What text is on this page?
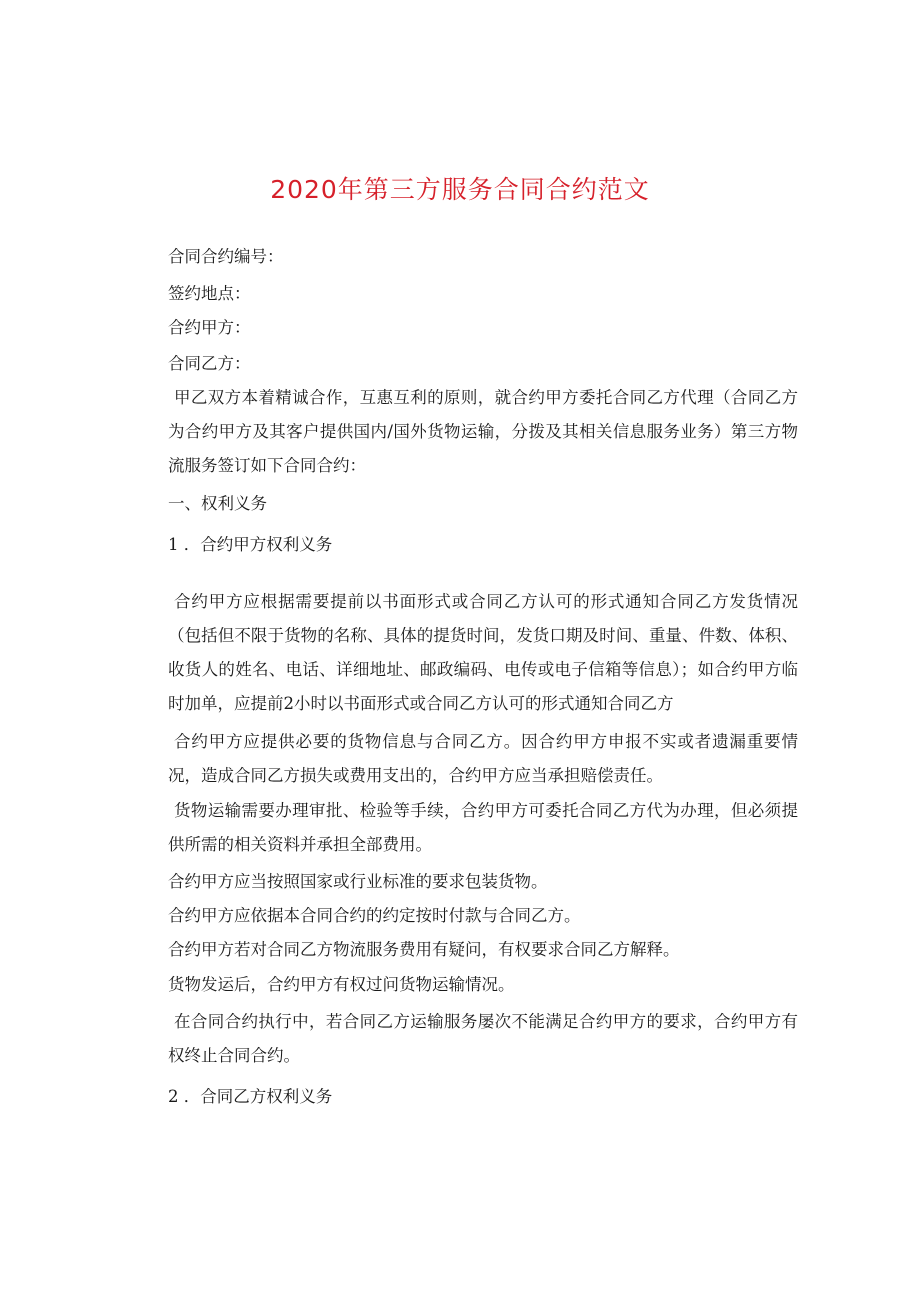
2020年第三方服务合同合约范文
合同合约编号：
签约地点：
合约甲方：
合同乙方：
甲乙双方本着精诚合作，互惠互利的原则，就合约甲方委托合同乙方代理（合同乙方为合约甲方及其客户提供国内/国外货物运输，分拨及其相关信息服务业务）第三方物流服务签订如下合同合约：
一、权利义务
1 ．合约甲方权利义务
合约甲方应根据需要提前以书面形式或合同乙方认可的形式通知合同乙方发货情况（包括但不限于货物的名称、具体的提货时间，发货口期及时间、重量、件数、体积、收货人的姓名、电话、详细地址、邮政编码、电传或电子信箱等信息）；如合约甲方临时加单，应提前2小时以书面形式或合同乙方认可的形式通知合同乙方
合约甲方应提供必要的货物信息与合同乙方。因合约甲方申报不实或者遗漏重要情况，造成合同乙方损失或费用支出的，合约甲方应当承担赔偿责任。
货物运输需要办理审批、检验等手续，合约甲方可委托合同乙方代为办理，但必须提供所需的相关资料并承担全部费用。
合约甲方应当按照国家或行业标准的要求包装货物。
合约甲方应依据本合同合约的约定按时付款与合同乙方。
合约甲方若对合同乙方物流服务费用有疑问，有权要求合同乙方解释。
货物发运后，合约甲方有权过问货物运输情况。
在合同合约执行中，若合同乙方运输服务屡次不能满足合约甲方的要求，合约甲方有权终止合同合约。
2 ．合同乙方权利义务
